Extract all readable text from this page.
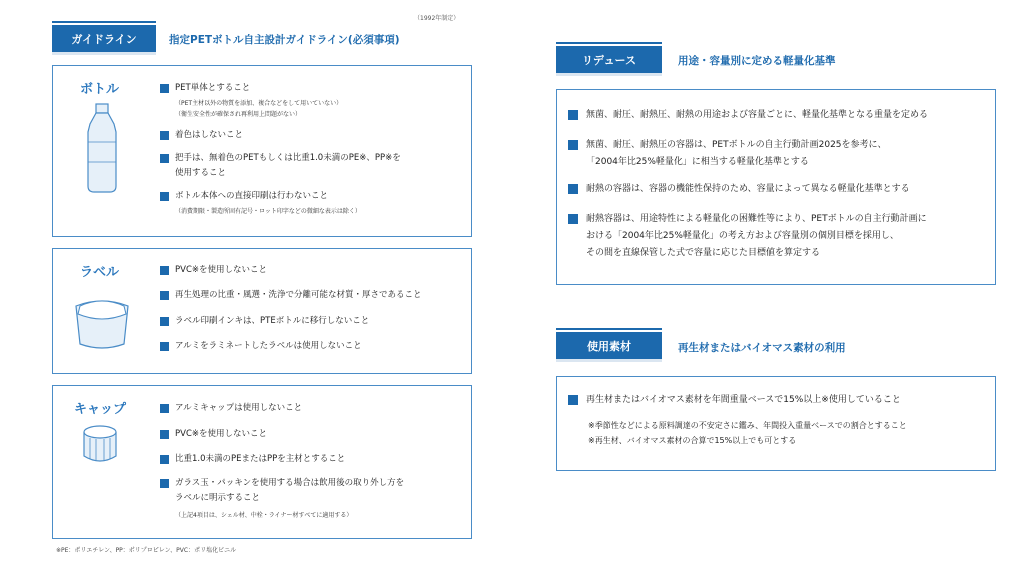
（1992年制定）
ガイドライン	指定PETボトル自主設計ガイドライン(必須事項)
ボトル	PET単体とすること
（PET主材以外の物質を添加、複合などをして用いていない）
（衛生安全性が確保され再利用上問題がない）
着色はしないこと
把手は、無着色のPETもしくは比重1.0未満のPE※、PP※を
使用すること
ボトル本体への直接印刷は行わないこと
（消費期限・製造所固有記号・ロット印字などの微細な表示は除く）
ラベル	PVC※を使用しないこと
再生処理の比重・風選・洗浄で分離可能な材質・厚さであること
ラベル印刷インキは、PTEボトルに移行しないこと
アルミをラミネートしたラベルは使用しないこと
キャップ	アルミキャップは使用しないこと
PVC※を使用しないこと
比重1.0未満のPEまたはPPを主材とすること
ガラス玉・パッキンを使用する場合は飲用後の取り外し方を
ラベルに明示すること
（上記4項目は、シェル材、中栓・ライナー材すべてに適用する）
※PE：ポリエチレン、PP：ポリプロピレン、PVC：ポリ塩化ビニル
リデュース	用途・容量別に定める軽量化基準
無菌、耐圧、耐熱圧、耐熱の用途および容量ごとに、軽量化基準となる重量を定める
無菌、耐圧、耐熱圧の容器は、PETボトルの自主行動計画2025を参考に、
「2004年比25%軽量化」に相当する軽量化基準とする
耐熱の容器は、容器の機能性保持のため、容量によって異なる軽量化基準とする
耐熱容器は、用途特性による軽量化の困難性等により、PETボトルの自主行動計画に
おける「2004年比25%軽量化」の考え方および容量別の個別目標を採用し、
その間を直線保管した式で容量に応じた目標値を算定する
使用素材	再生材またはバイオマス素材の利用
再生材またはバイオマス素材を年間重量ベースで15%以上※使用していること
※季節性などによる原料調達の不安定さに鑑み、年間投入重量ベースでの割合とすること
※再生材、バイオマス素材の合算で15%以上でも可とする
